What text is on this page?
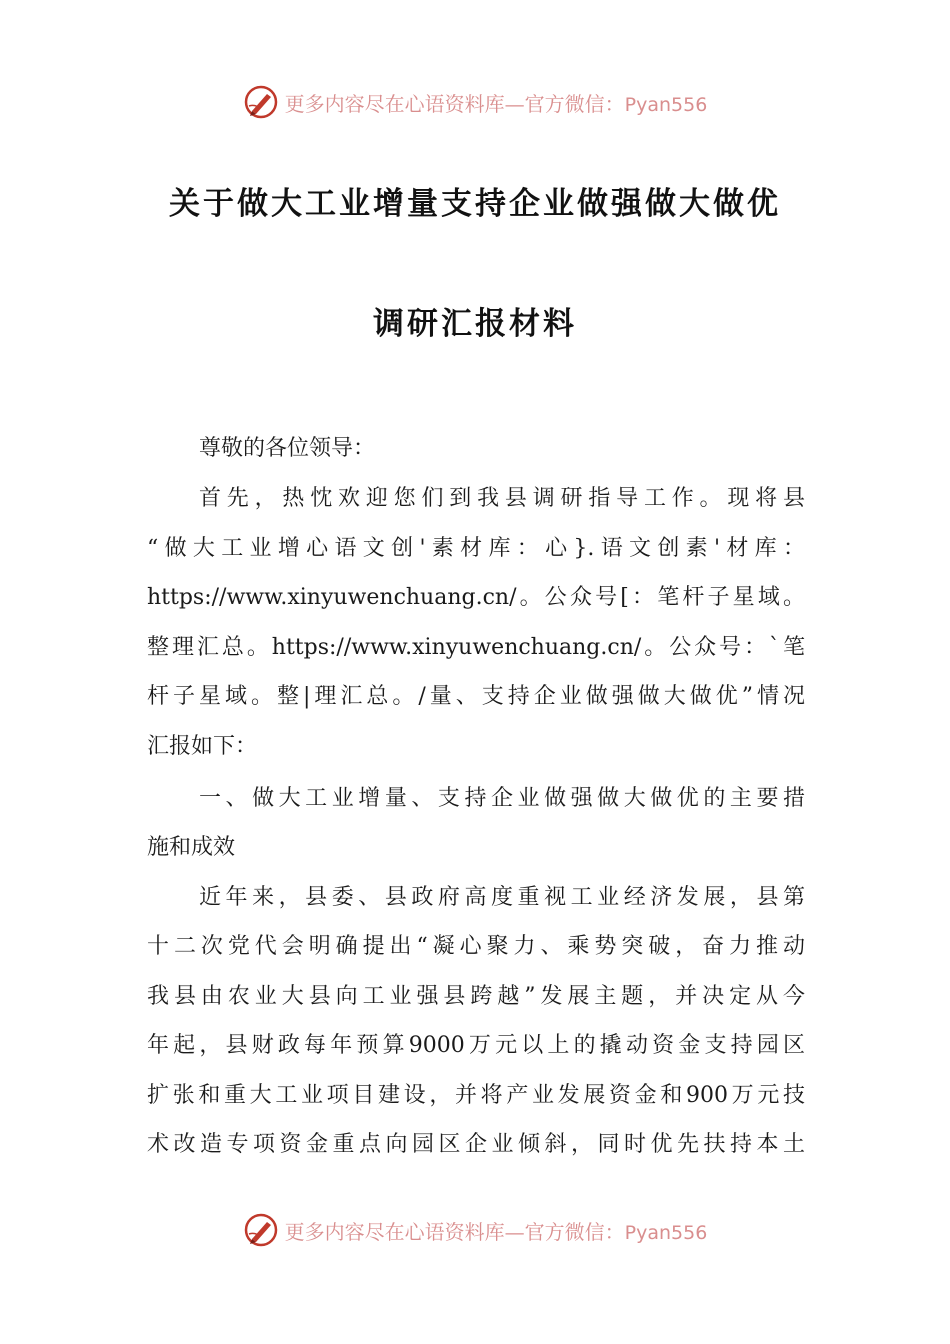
更多内容尽在心语资料库—官方微信：Pyan556
关于做大工业增量支持企业做强做大做优
调研汇报材料
尊敬的各位领导：
首先，热忱欢迎您们到我县调研指导工作。现将县
“做大工业增心语文创'素材库：心}.语文创素'材库：
https://www.xinyuwenchuang.cn/。公众号[：笔杆子星域。
整理汇总。https://www.xinyuwenchuang.cn/。公众号：`笔
杆子星域。整|理汇总。/量、支持企业做强做大做优”情况
汇报如下：
一、做大工业增量、支持企业做强做大做优的主要措
施和成效
近年来，县委、县政府高度重视工业经济发展，县第
十二次党代会明确提出“凝心聚力、乘势突破，奋力推动
我县由农业大县向工业强县跨越”发展主题，并决定从今
年起，县财政每年预算9000万元以上的撬动资金支持园区
扩张和重大工业项目建设，并将产业发展资金和900万元技
术改造专项资金重点向园区企业倾斜，同时优先扶持本土
更多内容尽在心语资料库—官方微信：Pyan556
